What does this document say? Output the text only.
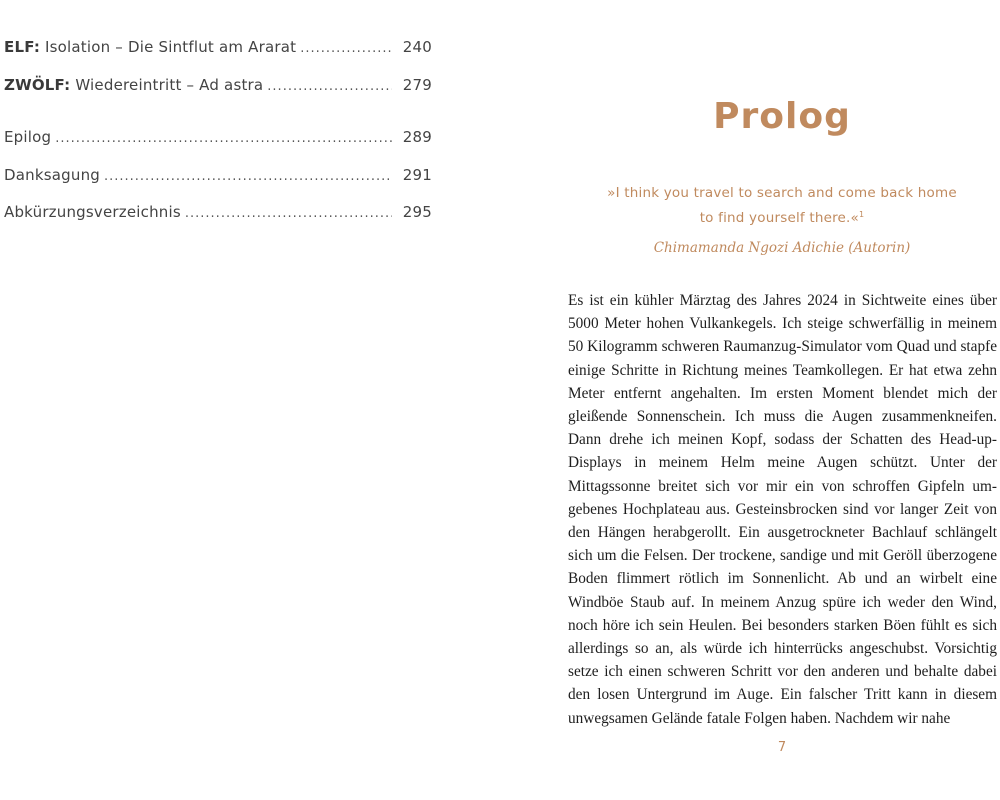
ELF: Isolation – Die Sintflut am Ararat .....	240
ZWÖLF: Wiedereintritt – Ad astra .....	279
Epilog .....	289
Danksagung .....	291
Abkürzungsverzeichnis .....	295
Prolog
»I think you travel to search and come back home
to find yourself there.«$^1$
Chimamanda Ngozi Adichie (Autorin)

Es ist ein kühler Märztag des Jahres 2024 in Sichtweite eines über 5000 Meter hohen Vulkankegels. Ich steige schwerfällig in meinem 50 Kilogramm schweren Raumanzug-Simulator vom Quad und stapfe einige Schritte in Richtung meines Teamkollegen. Er hat etwa zehn Meter entfernt angehalten. Im ersten Moment blendet mich der gleißende Sonnenschein. Ich muss die Augen zusammenkneifen. Dann drehe ich meinen Kopf, sodass der Schatten des Head-up-Displays in meinem Helm meine Augen schützt. Unter der Mittagssonne breitet sich vor mir ein von schroffen Gipfeln umgebenes Hochplateau aus. Gesteinsbrocken sind vor langer Zeit von den Hängen herabgerollt. Ein ausgetrockneter Bachlauf schlängelt sich um die Felsen. Der trockene, sandige und mit Geröll überzogene Boden flimmert rötlich im Sonnenlicht. Ab und an wirbelt eine Windböe Staub auf. In meinem Anzug spüre ich weder den Wind, noch höre ich sein Heulen. Bei besonders starken Böen fühlt es sich allerdings so an, als würde ich hinterrücks angeschubst. Vorsichtig setze ich einen schweren Schritt vor den anderen und behalte dabei den losen Untergrund im Auge. Ein falscher Tritt kann in diesem unwegsamen Gelände fatale Folgen haben. Nachdem wir nahe

7
